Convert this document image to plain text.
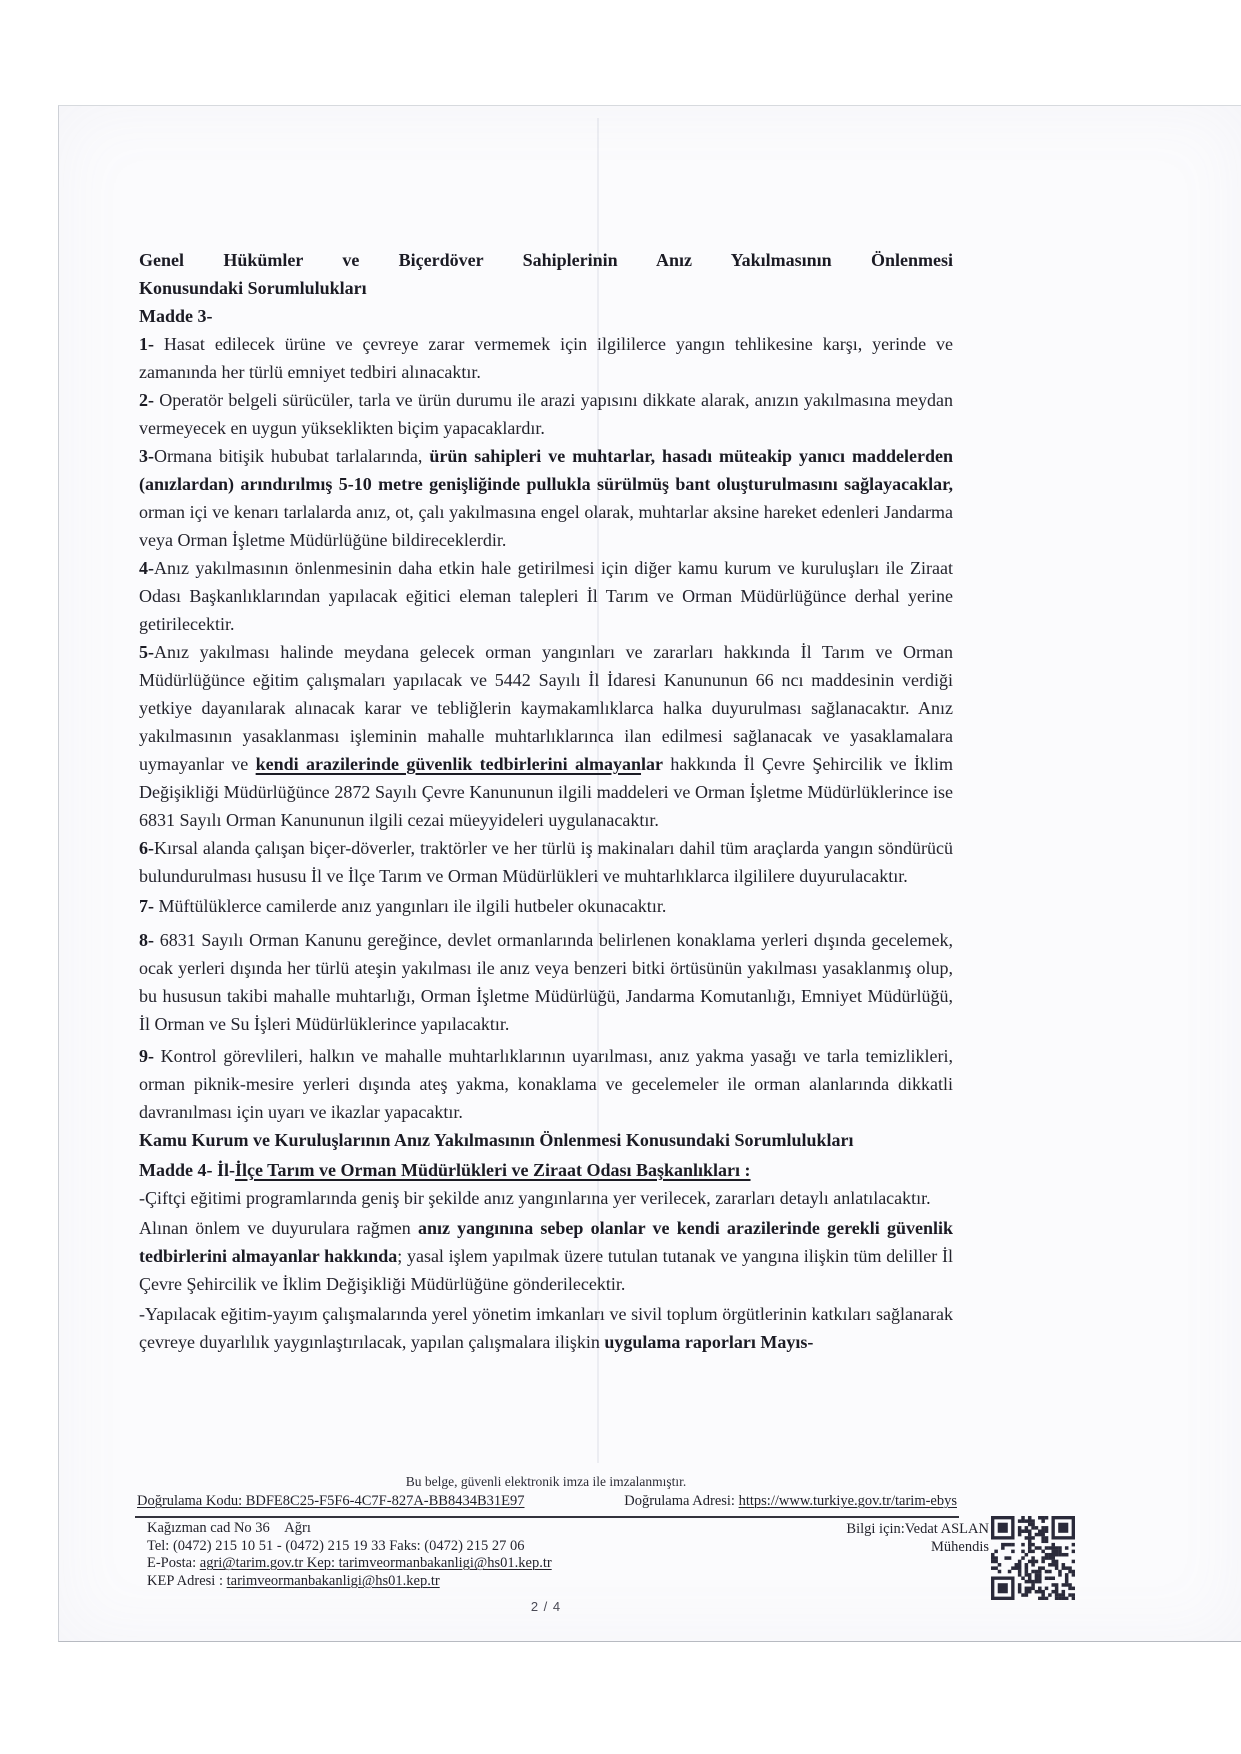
Genel Hükümler ve Biçerdöver Sahiplerinin Anız Yakılmasının Önlenmesi

Konusundaki Sorumlulukları

Madde 3-

1- Hasat edilecek ürüne ve çevreye zarar vermemek için ilgililerce yangın tehlikesine karşı, yerinde ve zamanında her türlü emniyet tedbiri alınacaktır.

2- Operatör belgeli sürücüler, tarla ve ürün durumu ile arazi yapısını dikkate alarak, anızın yakılmasına meydan vermeyecek en uygun yükseklikten biçim yapacaklardır.

3-Ormana bitişik hububat tarlalarında, ürün sahipleri ve muhtarlar, hasadı müteakip yanıcı maddelerden (anızlardan) arındırılmış 5-10 metre genişliğinde pullukla sürülmüş bant oluşturulmasını sağlayacaklar, orman içi ve kenarı tarlalarda anız, ot, çalı yakılmasına engel olarak, muhtarlar aksine hareket edenleri Jandarma veya Orman İşletme Müdürlüğüne bildireceklerdir.

4-Anız yakılmasının önlenmesinin daha etkin hale getirilmesi için diğer kamu kurum ve kuruluşları ile Ziraat Odası Başkanlıklarından yapılacak eğitici eleman talepleri İl Tarım ve Orman Müdürlüğünce derhal yerine getirilecektir.

5-Anız yakılması halinde meydana gelecek orman yangınları ve zararları hakkında İl Tarım ve Orman Müdürlüğünce eğitim çalışmaları yapılacak ve 5442 Sayılı İl İdaresi Kanununun 66 ncı maddesinin verdiği yetkiye dayanılarak alınacak karar ve tebliğlerin kaymakamlıklarca halka duyurulması sağlanacaktır. Anız yakılmasının yasaklanması işleminin mahalle muhtarlıklarınca ilan edilmesi sağlanacak ve yasaklamalara uymayanlar ve kendi arazilerinde güvenlik tedbirlerini almayanlar hakkında İl Çevre Şehircilik ve İklim Değişikliği Müdürlüğünce 2872 Sayılı Çevre Kanununun ilgili maddeleri ve Orman İşletme Müdürlüklerince ise 6831 Sayılı Orman Kanununun ilgili cezai müeyyideleri uygulanacaktır.

6-Kırsal alanda çalışan biçer-döverler, traktörler ve her türlü iş makinaları dahil tüm araçlarda yangın söndürücü bulundurulması hususu İl ve İlçe Tarım ve Orman Müdürlükleri ve muhtarlıklarca ilgililere duyurulacaktır.

7- Müftülüklerce camilerde anız yangınları ile ilgili hutbeler okunacaktır.

8- 6831 Sayılı Orman Kanunu gereğince, devlet ormanlarında belirlenen konaklama yerleri dışında gecelemek, ocak yerleri dışında her türlü ateşin yakılması ile anız veya benzeri bitki örtüsünün yakılması yasaklanmış olup, bu hususun takibi mahalle muhtarlığı, Orman İşletme Müdürlüğü, Jandarma Komutanlığı, Emniyet Müdürlüğü, İl Orman ve Su İşleri Müdürlüklerince yapılacaktır.

9- Kontrol görevlileri, halkın ve mahalle muhtarlıklarının uyarılması, anız yakma yasağı ve tarla temizlikleri, orman piknik-mesire yerleri dışında ateş yakma, konaklama ve gecelemeler ile orman alanlarında dikkatli davranılması için uyarı ve ikazlar yapacaktır.

Kamu Kurum ve Kuruluşlarının Anız Yakılmasının Önlenmesi Konusundaki Sorumlulukları

Madde 4- İl-İlçe Tarım ve Orman Müdürlükleri ve Ziraat Odası Başkanlıkları :

-Çiftçi eğitimi programlarında geniş bir şekilde anız yangınlarına yer verilecek, zararları detaylı anlatılacaktır.

Alınan önlem ve duyurulara rağmen anız yangınına sebep olanlar ve kendi arazilerinde gerekli güvenlik tedbirlerini almayanlar hakkında; yasal işlem yapılmak üzere tutulan tutanak ve yangına ilişkin tüm deliller İl Çevre Şehircilik ve İklim Değişikliği Müdürlüğüne gönderilecektir.

-Yapılacak eğitim-yayım çalışmalarında yerel yönetim imkanları ve sivil toplum örgütlerinin katkıları sağlanarak çevreye duyarlılık yaygınlaştırılacak, yapılan çalışmalara ilişkin uygulama raporları Mayıs-

Bu belge, güvenli elektronik imza ile imzalanmıştır.
Doğrulama Kodu: BDFE8C25-F5F6-4C7F-827A-BB8434B31E97	Doğrulama Adresi: https://www.turkiye.gov.tr/tarim-ebys
Kağızman cad No 36    Ağrı
Tel: (0472) 215 10 51 - (0472) 215 19 33 Faks: (0472) 215 27 06
E-Posta: agri@tarim.gov.tr Kep: tarimveormanbakanligi@hs01.kep.tr
KEP Adresi : tarimveormanbakanligi@hs01.kep.tr
Bilgi için:Vedat ASLAN
Mühendis
2 / 4
